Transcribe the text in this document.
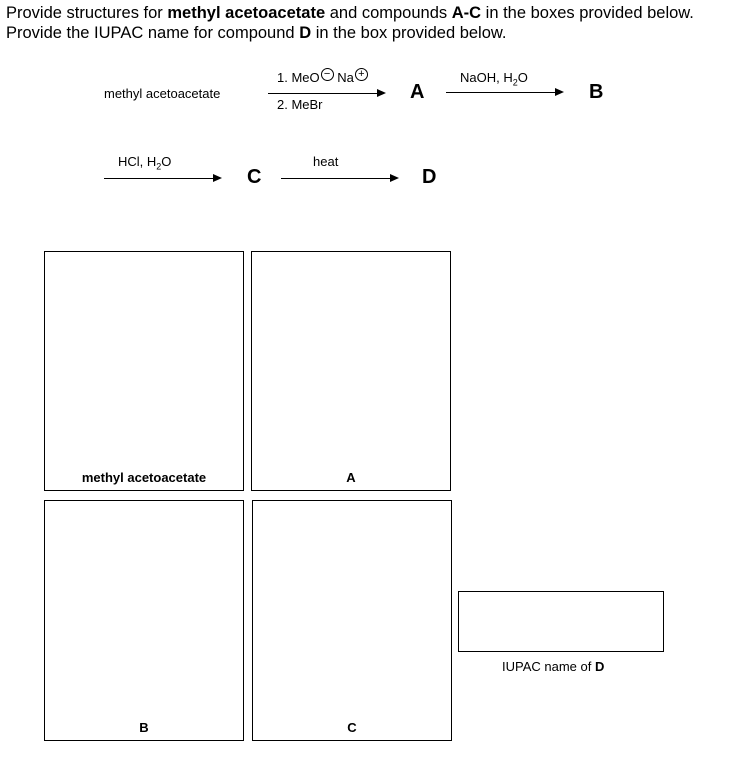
Provide structures for methyl acetoacetate and compounds A-C in the boxes provided below. Provide the IUPAC name for compound D in the box provided below.
methyl acetoacetate
1. MeO − Na +
2. MeBr
A
NaOH, $H_2O$
B
HCl, $H_2O$
C
heat
D
methyl acetoacetate	A
B	C
IUPAC name of D
